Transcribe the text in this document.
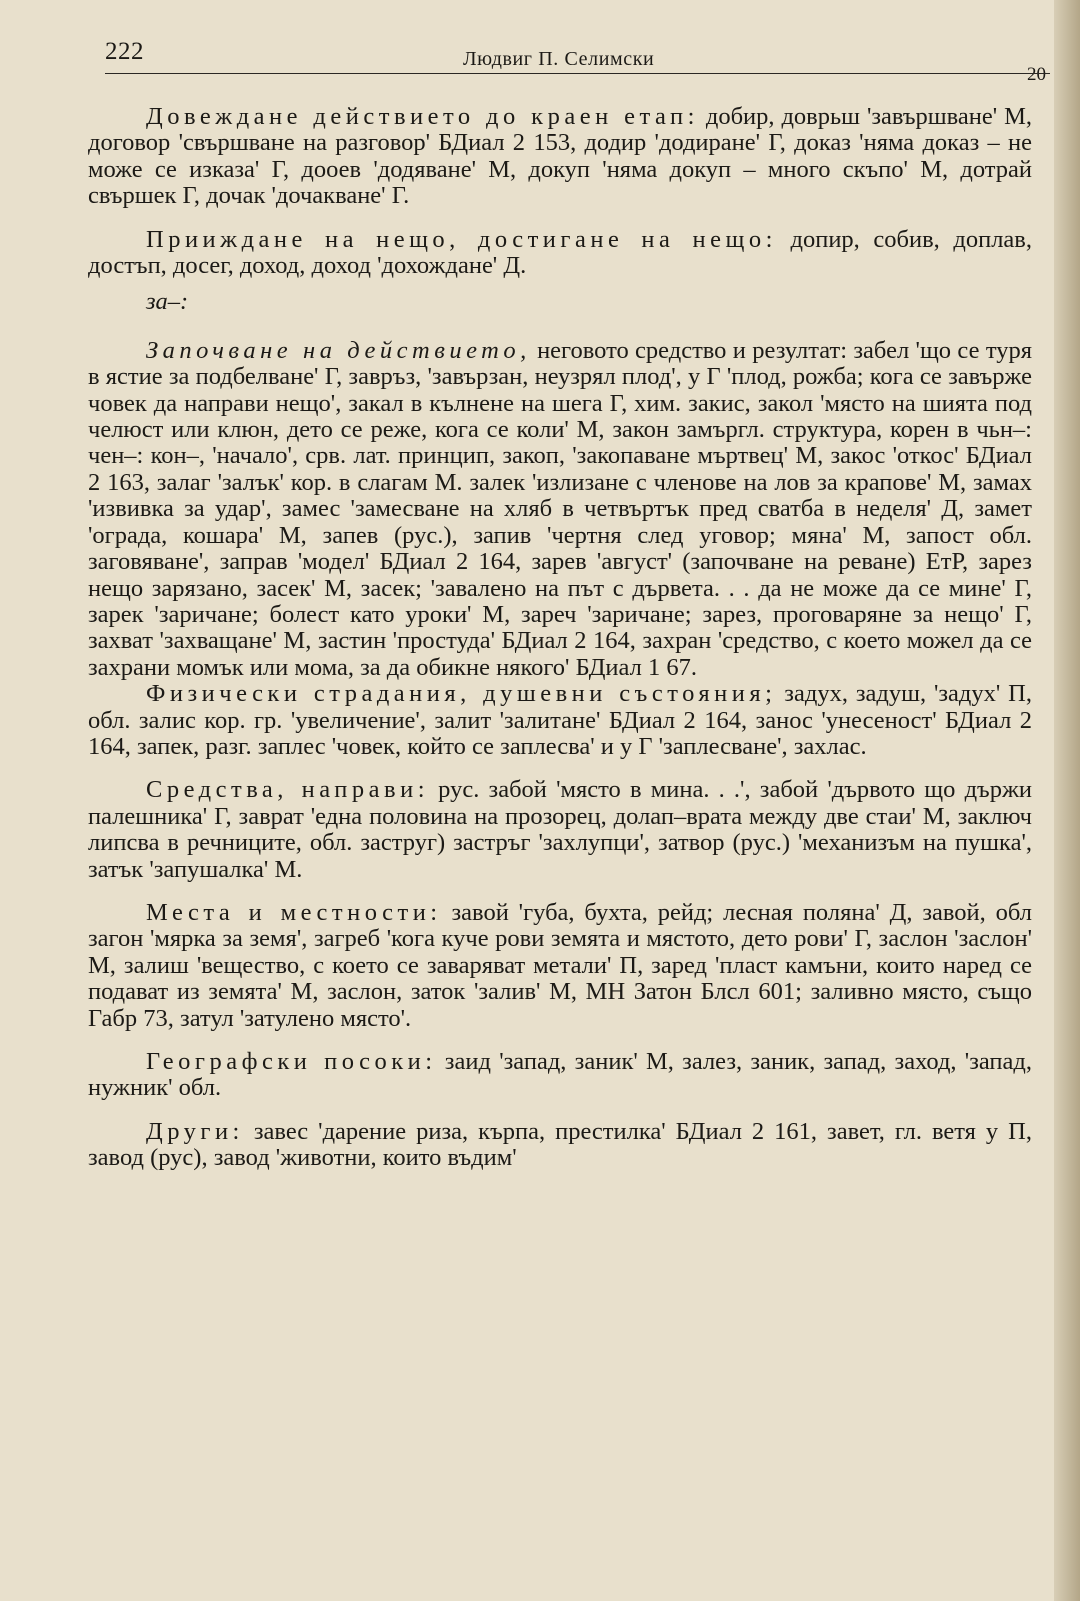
222	Людвиг П. Селимски
20

Довеждане действието до краен етап: добир, доврьш 'завършване' М, договор 'свършване на разговор' БДиал 2 153, додир 'додиране' Г, доказ 'няма доказ – не може се изказа' Г, дооев 'додяване' М, докуп 'няма докуп – много скъпо' М, дотрай свършек Г, дочак 'дочакване' Г.

Прииждане на нещо, достигане на нещо: допир, собив, доплав, достъп, досег, доход, доход 'дохождане' Д.

за–:

Започване на действието, неговото средство и резултат: забел 'що се туря в ястие за подбелване' Г, завръз, 'завързан, неузрял плод', у Г 'плод, рожба; кога се завърже човек да направи нещо', закал в кълнене на шега Г, хим. закис, закол 'място на шията под челюст или клюн, дето се реже, кога се коли' М, закон замъргл. структура, корен в чьн–: чен–: кон–, 'начало', срв. лат. принцип, закоп, 'закопаване мъртвец' М, закос 'откос' БДиал 2 163, залаг 'залък' кор. в слагам М. залек 'излизане с членове на лов за крапове' М, замах 'извивка за удар', замес 'замесване на хляб в четвъртък пред сватба в неделя' Д, замет 'ограда, кошара' М, запев (рус.), запив 'чертня след уговор; мяна' М, запост обл. заговяване', заправ 'модел' БДиал 2 164, зарев 'август' (започване на реване) ЕтР, зарез нещо зарязано, засек' М, засек; 'завалено на път с дървета. . . да не може да се мине' Г, зарек 'заричане; болест като уроки' М, зареч 'заричане; зарез, проговаряне за нещо' Г, захват 'захващане' М, застин 'простуда' БДиал 2 164, захран 'средство, с което можел да се захрани момък или мома, за да обикне някого' БДиал 1 67.

Физически страдания, душевни състояния; задух, задуш, 'задух' П, обл. залис кор. гр. 'увеличение', залит 'залитане' БДиал 2 164, занос 'унесеност' БДиал 2 164, запек, разг. заплес 'човек, който се заплесва' и у Г 'заплесване', захлас.

Средства, направи: рус. забой 'място в мина. . .', забой 'дървото що държи палешника' Г, заврат 'една половина на прозорец, долап–врата между две стаи' М, заключ липсва в речниците, обл. заструг) застръг 'захлупци', затвор (рус.) 'механизъм на пушка', затък 'запушалка' М.

Места и местности: завой 'губа, бухта, рейд; лесная поляна' Д, завой, обл загон 'мярка за земя', загреб 'кога куче рови земята и мястото, дето рови' Г, заслон 'заслон' М, залиш 'вещество, с което се заваряват метали' П, заред 'пласт камъни, които наред се подават из земята' М, заслон, заток 'залив' М, МН Затон Блсл 601; заливно място, също Габр 73, затул 'затулено място'.

Географски посоки: заид 'запад, заник' М, залез, заник, запад, заход, 'запад, нужник' обл.

Други: завес 'дарение риза, кърпа, престилка' БДиал 2 161, завет, гл. ветя у П, завод (рус), завод 'животни, които въдим'
